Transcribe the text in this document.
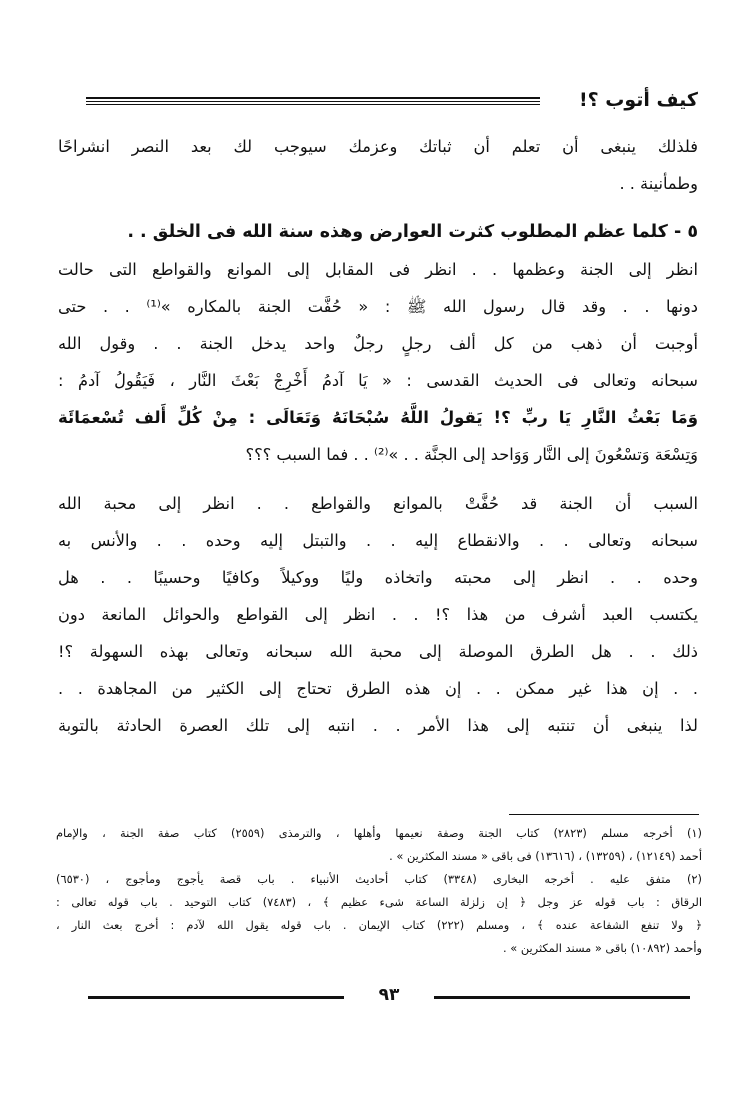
كيف أتوب ؟!
فلذلك ينبغى أن تعلم أن ثباتك وعزمك سيوجب لك بعد النصر انشراحًا
وطمأنينة . .
٥ - كلما عظم المطلوب كثرت العوارض وهذه سنة الله فى الخلق . .
انظر إلى الجنة وعظمها . . انظر فى المقابل إلى الموانع والقواطع التى حالت
دونها . . وقد قال رسول الله ﷺ : « حُفَّت الجنة بالمكاره »⁽¹⁾ . . حتى
أوجبت أن ذهب من كل ألف رجلٍ رجلٌ واحد يدخل الجنة . . وقول الله
سبحانه وتعالى فى الحديث القدسى : « يَا آدمُ أَخْرِجْ بَعْثَ النَّار ، فَيَقُولُ آدمُ :
وَمَا بَعْثُ النَّارِ يَا ربِّ ؟! يَقولُ اللَّهُ سُبْحَانَهُ وَتَعَالَى : مِنْ كُلِّ أَلف تُسْعمَائَة
وَتِسْعَة وَتسْعُونَ إلى النَّار وَوَاحد إلى الجنَّة . . »⁽²⁾ . . فما السبب ؟؟؟
السبب أن الجنة قد حُفَّتْ بالموانع والقواطع . . انظر إلى محبة الله
سبحانه وتعالى . . والانقطاع إليه . . والتبتل إليه وحده . . والأنس به
وحده . . انظر إلى محبته واتخاذه وليًا ووكيلاً وكافيًا وحسيبًا . . هل
يكتسب العبد أشرف من هذا ؟! . . انظر إلى القواطع والحوائل المانعة دون
ذلك . . هل الطرق الموصلة إلى محبة الله سبحانه وتعالى بهذه السهولة ؟!
. . إن هذا غير ممكن . . إن هذه الطرق تحتاج إلى الكثير من المجاهدة . .
لذا ينبغى أن تنتبه إلى هذا الأمر . . انتبه إلى تلك العصرة الحادثة بالتوبة
(١) أخرجه مسلم (٢٨٢٣) كتاب الجنة وصفة نعيمها وأهلها ، والترمذى (٢٥٥٩) كتاب صفة الجنة ، والإمام
أحمد (١٢١٤٩) ، (١٣٢٥٩) ، (١٣٦١٦) فى باقى « مسند المكثرين » .
(٢) متفق عليه . أخرجه البخارى (٣٣٤٨) كتاب أحاديث الأنبياء . باب قصة يأجوج ومأجوج ، (٦٥٣٠)
الرقاق : باب قوله عز وجل ﴿ إن زلزلة الساعة شىء عظيم ﴾ ، (٧٤٨٣) كتاب التوحيد . باب قوله تعالى :
﴿ ولا تنفع الشفاعة عنده ﴾ ، ومسلم (٢٢٢) كتاب الإيمان . باب قوله يقول الله لآدم : أخرج بعث النار ،
وأحمد (١٠٨٩٢) باقى « مسند المكثرين » .
٩٣
